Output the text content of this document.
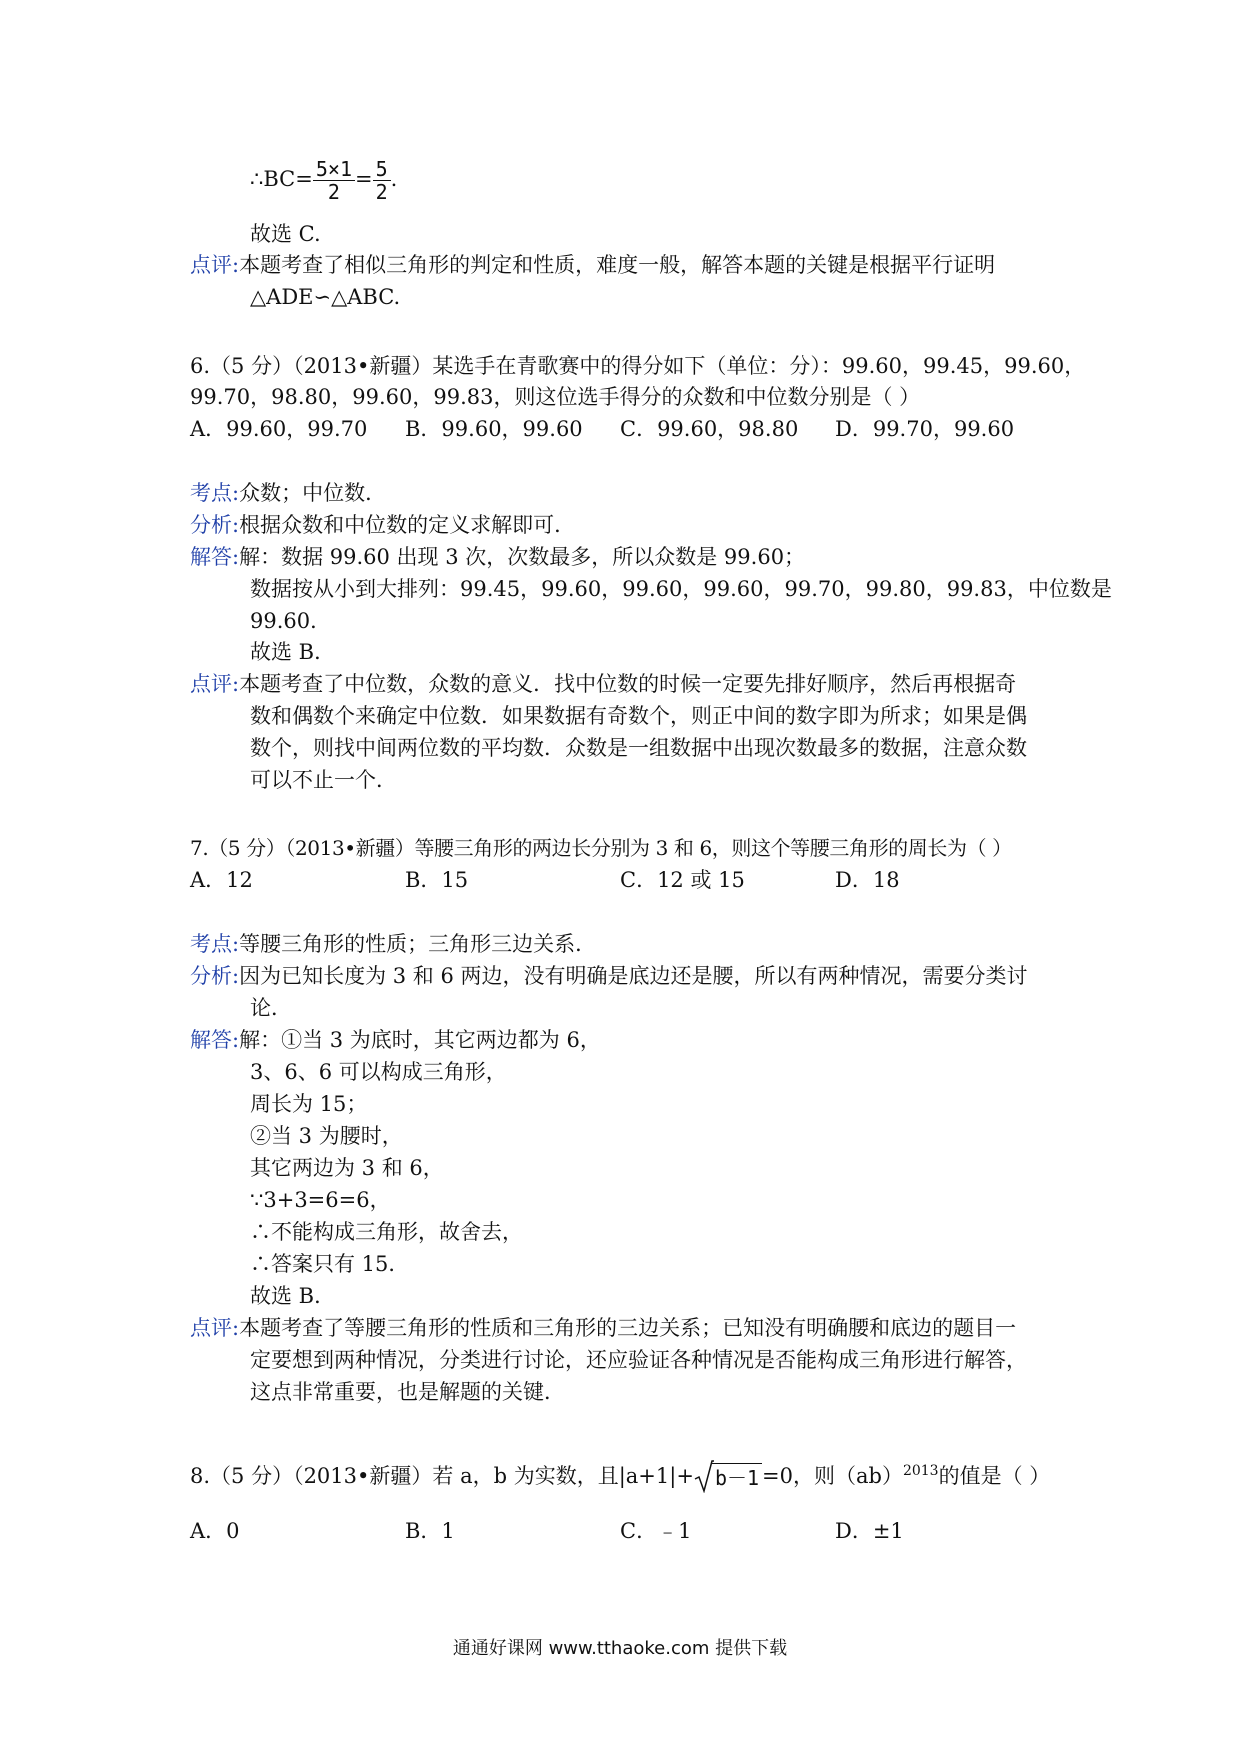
∴BC= $\frac{5\times 1}{2} = \frac{5}{2}$ .
故选 C.
点评:本题考查了相似三角形的判定和性质，难度一般，解答本题的关键是根据平行证明
△ADE∽△ABC.
6.（5 分）（2013•新疆）某选手在青歌赛中的得分如下（单位：分）：99.60，99.45，99.60，
99.70，98.80，99.60，99.83，则这位选手得分的众数和中位数分别是（ ）
A．99.60，99.70 B．99.60，99.60 C．99.60，98.80 D．99.70，99.60
考点:众数；中位数．
分析:根据众数和中位数的定义求解即可．
解答:解：数据 99.60 出现 3 次，次数最多，所以众数是 99.60；
数据按从小到大排列：99.45，99.60，99.60，99.60，99.70，99.80，99.83，中位数是
99.60．
故选 B．
点评:本题考查了中位数，众数的意义．找中位数的时候一定要先排好顺序，然后再根据奇
数和偶数个来确定中位数．如果数据有奇数个，则正中间的数字即为所求；如果是偶
数个，则找中间两位数的平均数．众数是一组数据中出现次数最多的数据，注意众数
可以不止一个．
7.（5 分）（2013•新疆）等腰三角形的两边长分别为 3 和 6，则这个等腰三角形的周长为（ ）
A．12	B．15	C．12 或 15	D．18
考点:等腰三角形的性质；三角形三边关系．
分析:因为已知长度为 3 和 6 两边，没有明确是底边还是腰，所以有两种情况，需要分类讨
论．
解答:解：①当 3 为底时，其它两边都为 6，
3、6、6 可以构成三角形，
周长为 15；
②当 3 为腰时，
其它两边为 3 和 6，
∵3+3=6=6，
∴不能构成三角形，故舍去，
∴答案只有 15．
故选 B．
点评:本题考查了等腰三角形的性质和三角形的三边关系；已知没有明确腰和底边的题目一
定要想到两种情况，分类进行讨论，还应验证各种情况是否能构成三角形进行解答，
这点非常重要，也是解题的关键．
8.（5 分）（2013•新疆）若 a，b 为实数，且|a+1|+ b－1 =0，则（ab）$^{2013}$的值是（ ）
A．0	B．1	C．﹣1	D．±1
通通好课网 www.tthaoke.com 提供下载
